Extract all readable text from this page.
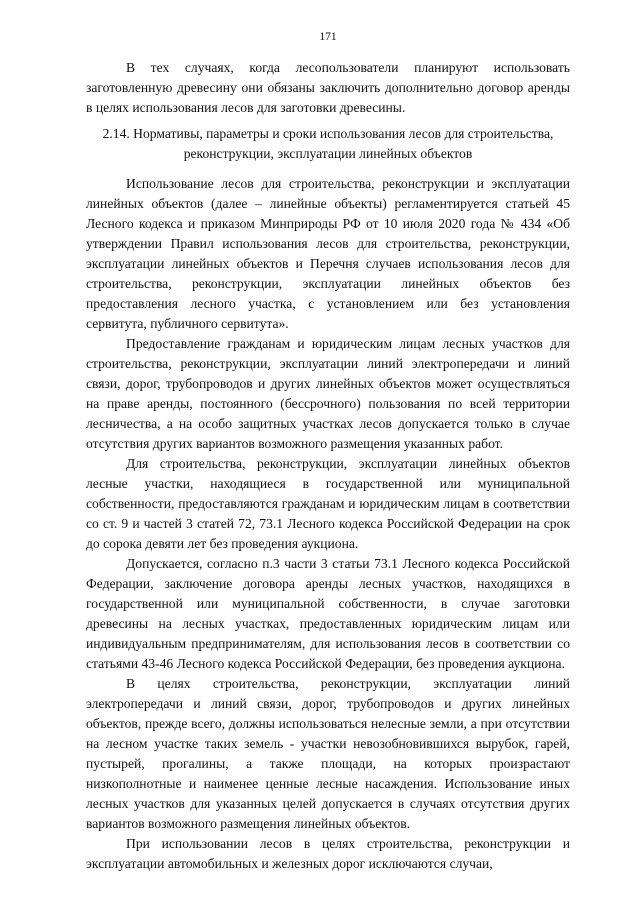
171

В тех случаях, когда лесопользователи планируют использовать заготовленную древесину они обязаны заключить дополнительно договор аренды в целях использования лесов для заготовки древесины.

2.14. Нормативы, параметры и сроки использования лесов для строительства, реконструкции, эксплуатации линейных объектов

Использование лесов для строительства, реконструкции и эксплуатации линейных объектов (далее – линейные объекты) регламентируется статьей 45 Лесного кодекса и приказом Минприроды РФ от 10 июля 2020 года № 434 «Об утверждении Правил использования лесов для строительства, реконструкции, эксплуатации линейных объектов и Перечня случаев использования лесов для строительства, реконструкции, эксплуатации линейных объектов без предоставления лесного участка, с установлением или без установления сервитута, публичного сервитута».

Предоставление гражданам и юридическим лицам лесных участков для строительства, реконструкции, эксплуатации линий электропередачи и линий связи, дорог, трубопроводов и других линейных объектов может осуществляться на праве аренды, постоянного (бессрочного) пользования по всей территории лесничества, а на особо защитных участках лесов допускается только в случае отсутствия других вариантов возможного размещения указанных работ.

Для строительства, реконструкции, эксплуатации линейных объектов лесные участки, находящиеся в государственной или муниципальной собственности, предоставляются гражданам и юридическим лицам в соответствии со ст. 9 и частей 3 статей 72, 73.1 Лесного кодекса Российской Федерации на срок до сорока девяти лет без проведения аукциона.

Допускается, согласно п.3 части 3 статьи 73.1 Лесного кодекса Российской Федерации, заключение договора аренды лесных участков, находящихся в государственной или муниципальной собственности, в случае заготовки древесины на лесных участках, предоставленных юридическим лицам или индивидуальным предпринимателям, для использования лесов в соответствии со статьями 43-46 Лесного кодекса Российской Федерации, без проведения аукциона.

В целях строительства, реконструкции, эксплуатации линий электропередачи и линий связи, дорог, трубопроводов и других линейных объектов, прежде всего, должны использоваться нелесные земли, а при отсутствии на лесном участке таких земель - участки невозобновившихся вырубок, гарей, пустырей, прогалины, а также площади, на которых произрастают низкополнотные и наименее ценные лесные насаждения. Использование иных лесных участков для указанных целей допускается в случаях отсутствия других вариантов возможного размещения линейных объектов.

При использовании лесов в целях строительства, реконструкции и эксплуатации автомобильных и железных дорог исключаются случаи,
